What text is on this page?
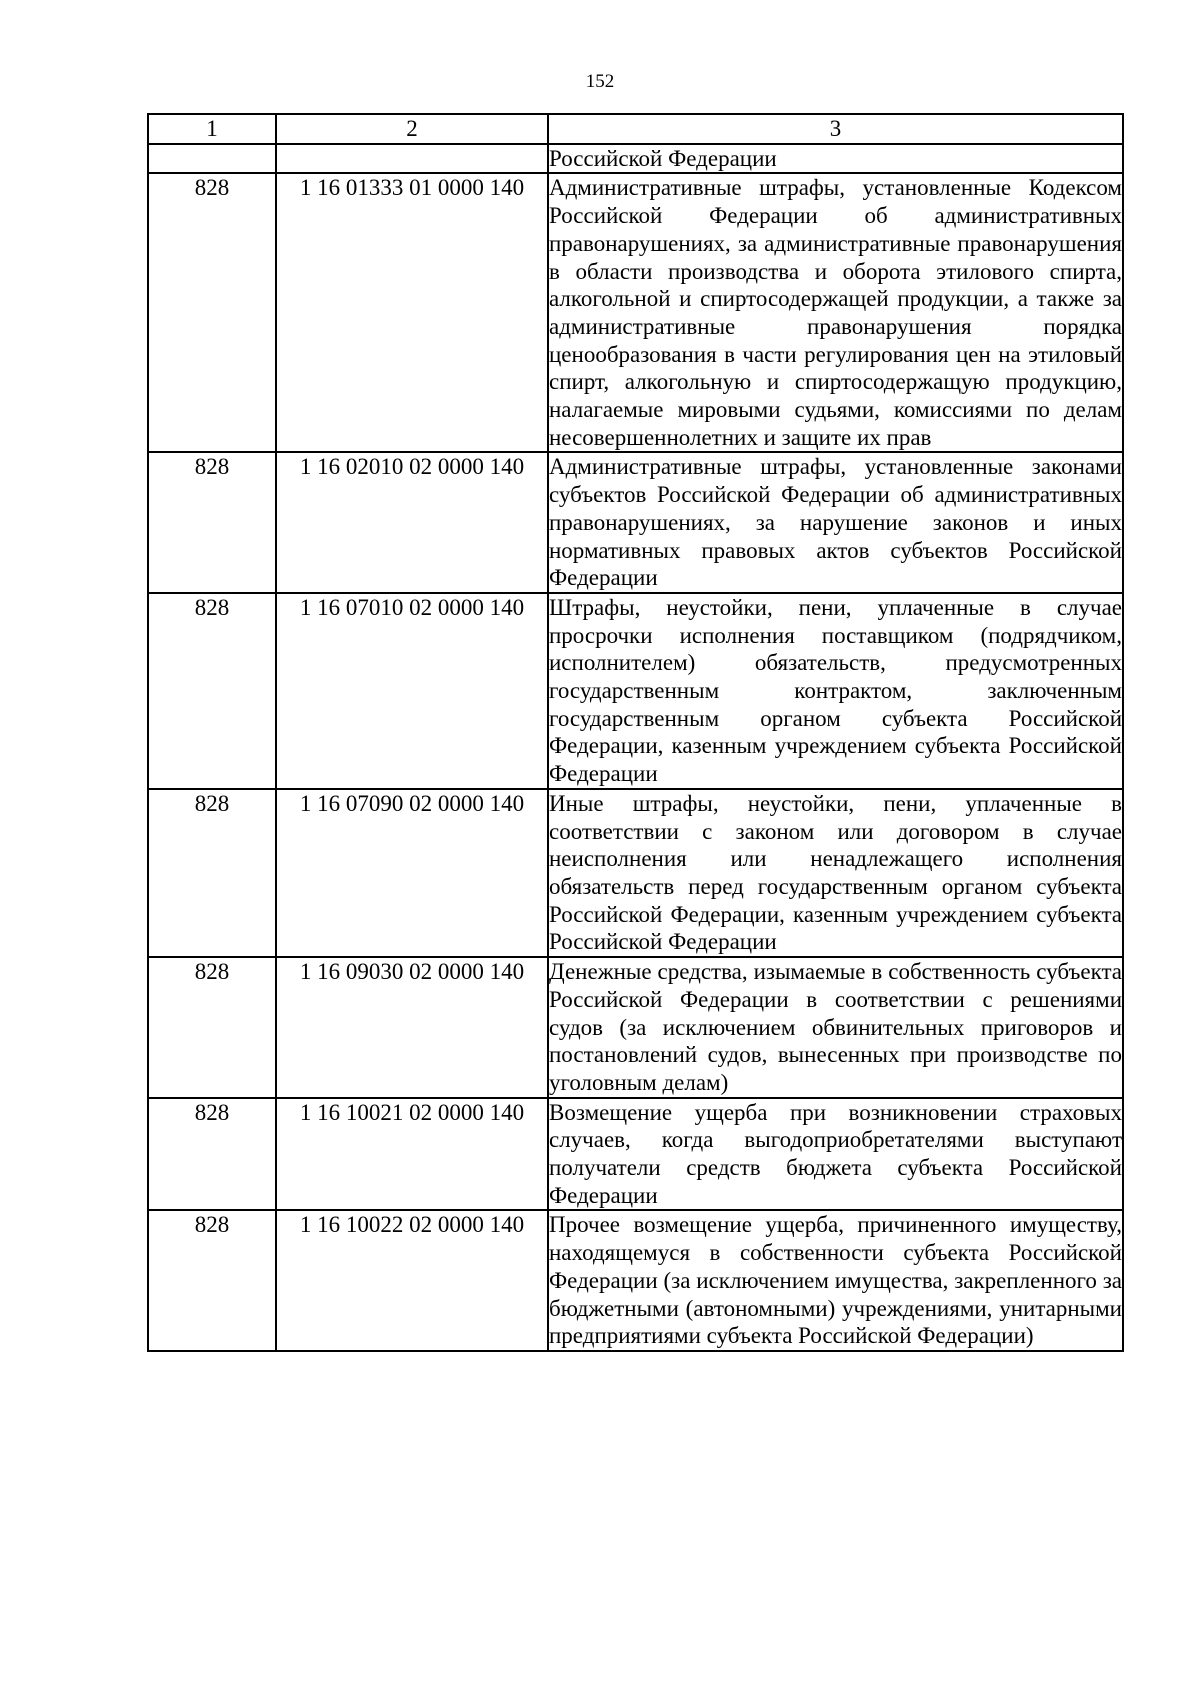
152
1	2	3
		Российской Федерации
828	1 16 01333 01 0000 140	Административные штрафы, установленные Кодексом Российской Федерации об административных правонарушениях, за административные правонарушения в области производства и оборота этилового спирта, алкогольной и спиртосодержащей продукции, а также за административные правонарушения порядка ценообразования в части регулирования цен на этиловый спирт, алкогольную и спиртосодержащую продукцию, налагаемые мировыми судьями, комиссиями по делам несовершеннолетних и защите их прав
828	1 16 02010 02 0000 140	Административные штрафы, установленные законами субъектов Российской Федерации об административных правонарушениях, за нарушение законов и иных нормативных правовых актов субъектов Российской Федерации
828	1 16 07010 02 0000 140	Штрафы, неустойки, пени, уплаченные в случае просрочки исполнения поставщиком (подрядчиком, исполнителем) обязательств, предусмотренных государственным контрактом, заключенным государственным органом субъекта Российской Федерации, казенным учреждением субъекта Российской Федерации
828	1 16 07090 02 0000 140	Иные штрафы, неустойки, пени, уплаченные в соответствии с законом или договором в случае неисполнения или ненадлежащего исполнения обязательств перед государственным органом субъекта Российской Федерации, казенным учреждением субъекта Российской Федерации
828	1 16 09030 02 0000 140	Денежные средства, изымаемые в собственность субъекта Российской Федерации в соответствии с решениями судов (за исключением обвинительных приговоров и постановлений судов, вынесенных при производстве по уголовным делам)
828	1 16 10021 02 0000 140	Возмещение ущерба при возникновении страховых случаев, когда выгодоприобретателями выступают получатели средств бюджета субъекта Российской Федерации
828	1 16 10022 02 0000 140	Прочее возмещение ущерба, причиненного имуществу, находящемуся в собственности субъекта Российской Федерации (за исключением имущества, закрепленного за бюджетными (автономными) учреждениями, унитарными предприятиями субъекта Российской Федерации)
